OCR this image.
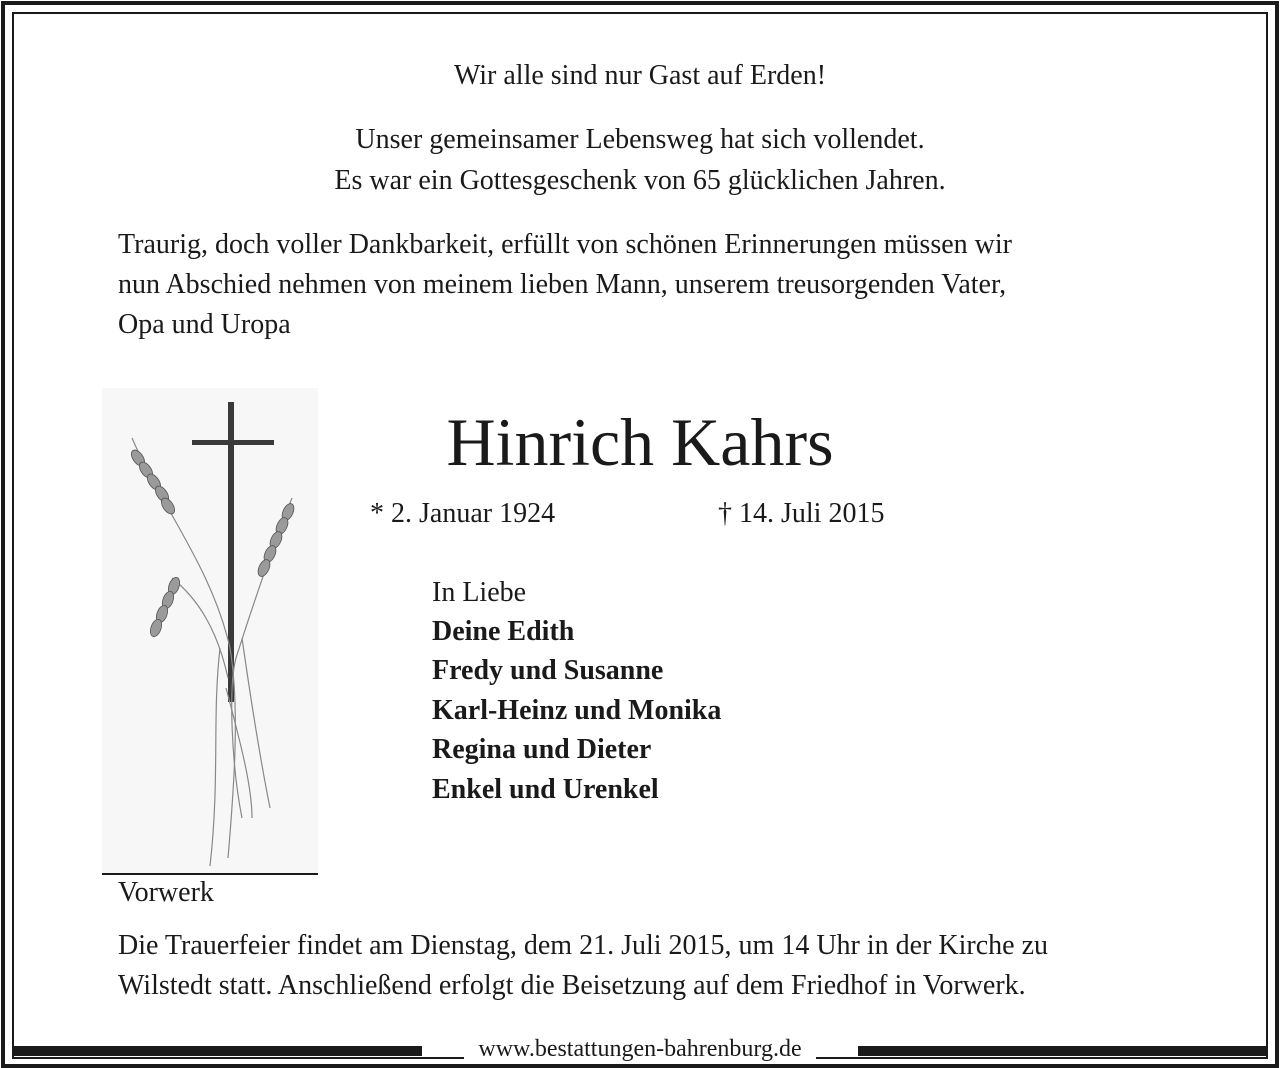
Wir alle sind nur Gast auf Erden!

Unser gemeinsamer Lebensweg hat sich vollendet.

Es war ein Gottesgeschenk von 65 glücklichen Jahren.

Traurig, doch voller Dankbarkeit, erfüllt von schönen Erinnerungen müssen wir

nun Abschied nehmen von meinem lieben Mann, unserem treusorgenden Vater,

Opa und Uropa

Vorwerk

Hinrich Kahrs

* 2. Januar 1924	† 14. Juli 2015

In Liebe

Deine Edith

Fredy und Susanne

Karl-Heinz und Monika

Regina und Dieter

Enkel und Urenkel

Die Trauerfeier findet am Dienstag, dem 21. Juli 2015, um 14 Uhr in der Kirche zu

Wilstedt statt. Anschließend erfolgt die Beisetzung auf dem Friedhof in Vorwerk.

www.bestattungen-bahrenburg.de
